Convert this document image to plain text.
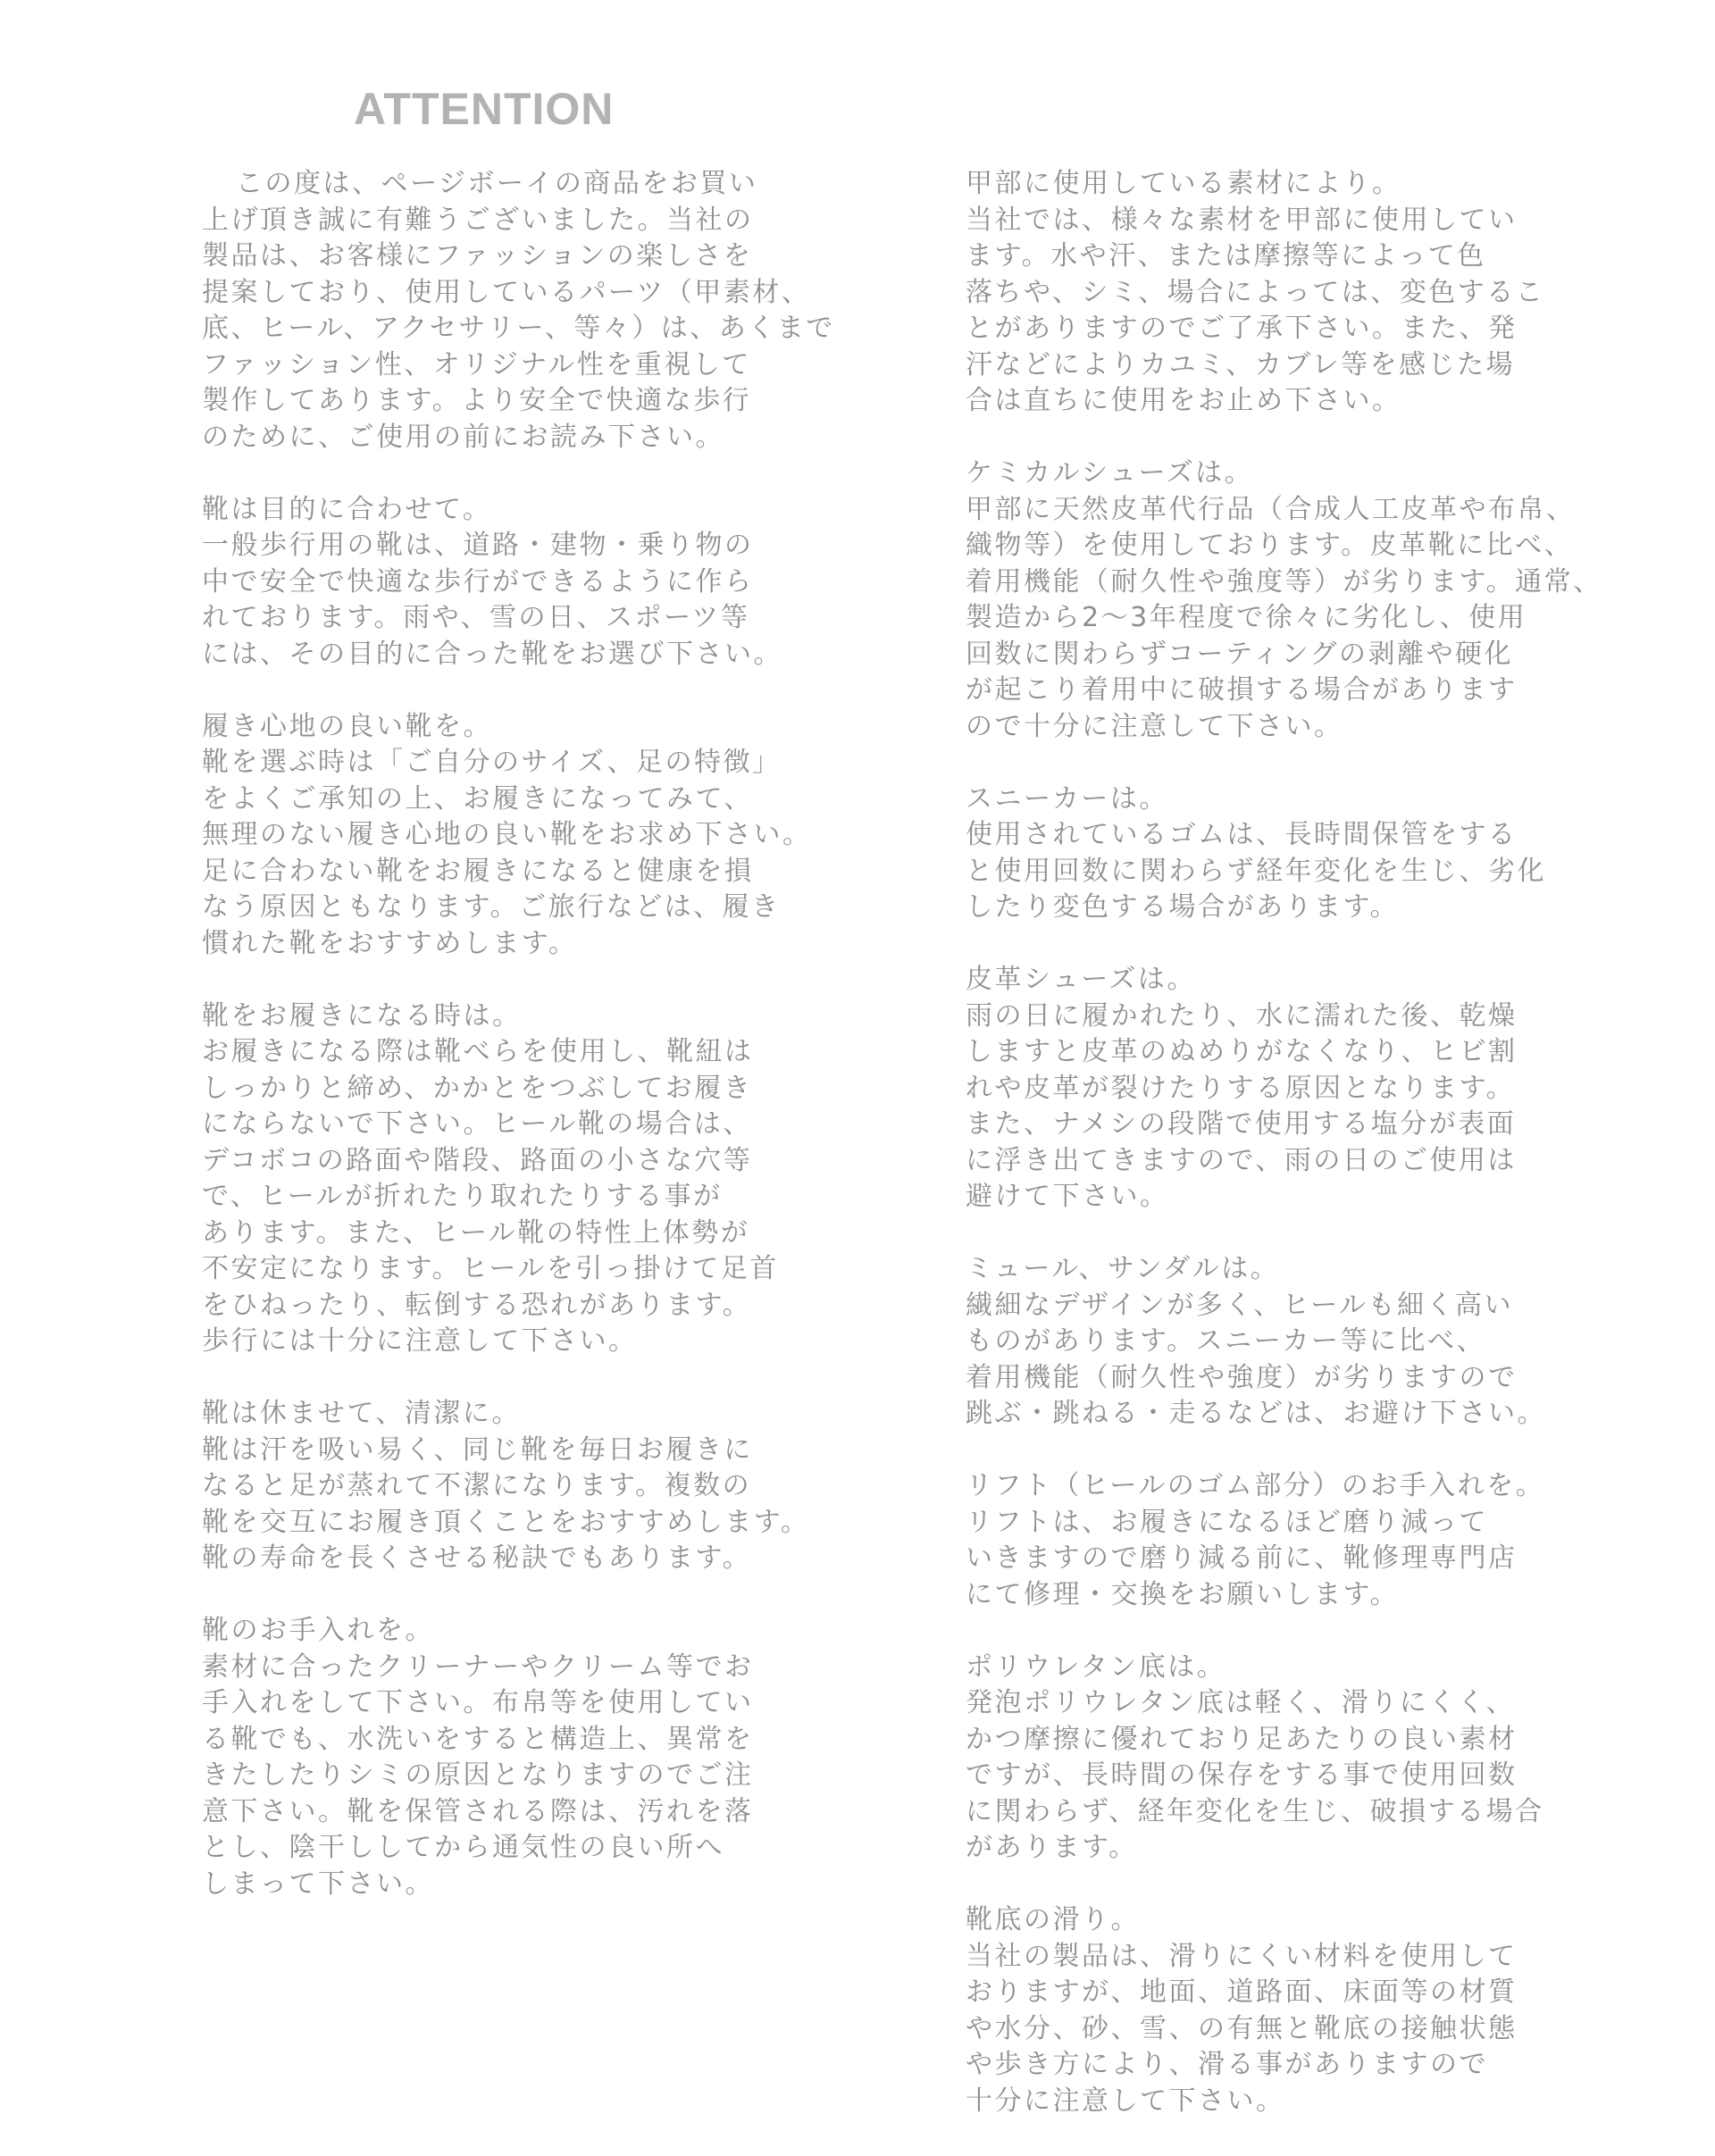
ATTENTION
この度は、ページボーイの商品をお買い
上げ頂き誠に有難うございました。当社の
製品は、お客様にファッションの楽しさを
提案しており、使用しているパーツ（甲素材、
底、ヒール、アクセサリー、等々）は、あくまで
ファッション性、オリジナル性を重視して
製作してあります。より安全で快適な歩行
のために、ご使用の前にお読み下さい。
靴は目的に合わせて。
一般歩行用の靴は、道路・建物・乗り物の
中で安全で快適な歩行ができるように作ら
れております。雨や、雪の日、スポーツ等
には、その目的に合った靴をお選び下さい。
履き心地の良い靴を。
靴を選ぶ時は「ご自分のサイズ、足の特徴」
をよくご承知の上、お履きになってみて、
無理のない履き心地の良い靴をお求め下さい。
足に合わない靴をお履きになると健康を損
なう原因ともなります。ご旅行などは、履き
慣れた靴をおすすめします。
靴をお履きになる時は。
お履きになる際は靴べらを使用し、靴紐は
しっかりと締め、かかとをつぶしてお履き
にならないで下さい。ヒール靴の場合は、
デコボコの路面や階段、路面の小さな穴等
で、ヒールが折れたり取れたりする事が
あります。また、ヒール靴の特性上体勢が
不安定になります。ヒールを引っ掛けて足首
をひねったり、転倒する恐れがあります。
歩行には十分に注意して下さい。
靴は休ませて、清潔に。
靴は汗を吸い易く、同じ靴を毎日お履きに
なると足が蒸れて不潔になります。複数の
靴を交互にお履き頂くことをおすすめします。
靴の寿命を長くさせる秘訣でもあります。
靴のお手入れを。
素材に合ったクリーナーやクリーム等でお
手入れをして下さい。布帛等を使用してい
る靴でも、水洗いをすると構造上、異常を
きたしたりシミの原因となりますのでご注
意下さい。靴を保管される際は、汚れを落
とし、陰干ししてから通気性の良い所へ
しまって下さい。
甲部に使用している素材により。
当社では、様々な素材を甲部に使用してい
ます。水や汗、または摩擦等によって色
落ちや、シミ、場合によっては、変色するこ
とがありますのでご了承下さい。また、発
汗などによりカユミ、カブレ等を感じた場
合は直ちに使用をお止め下さい。
ケミカルシューズは。
甲部に天然皮革代行品（合成人工皮革や布帛、
織物等）を使用しております。皮革靴に比べ、
着用機能（耐久性や強度等）が劣ります。通常、
製造から2〜3年程度で徐々に劣化し、使用
回数に関わらずコーティングの剥離や硬化
が起こり着用中に破損する場合があります
ので十分に注意して下さい。
スニーカーは。
使用されているゴムは、長時間保管をする
と使用回数に関わらず経年変化を生じ、劣化
したり変色する場合があります。
皮革シューズは。
雨の日に履かれたり、水に濡れた後、乾燥
しますと皮革のぬめりがなくなり、ヒビ割
れや皮革が裂けたりする原因となります。
また、ナメシの段階で使用する塩分が表面
に浮き出てきますので、雨の日のご使用は
避けて下さい。
ミュール、サンダルは。
繊細なデザインが多く、ヒールも細く高い
ものがあります。スニーカー等に比べ、
着用機能（耐久性や強度）が劣りますので
跳ぶ・跳ねる・走るなどは、お避け下さい。
リフト（ヒールのゴム部分）のお手入れを。
リフトは、お履きになるほど磨り減って
いきますので磨り減る前に、靴修理専門店
にて修理・交換をお願いします。
ポリウレタン底は。
発泡ポリウレタン底は軽く、滑りにくく、
かつ摩擦に優れており足あたりの良い素材
ですが、長時間の保存をする事で使用回数
に関わらず、経年変化を生じ、破損する場合
があります。
靴底の滑り。
当社の製品は、滑りにくい材料を使用して
おりますが、地面、道路面、床面等の材質
や水分、砂、雪、の有無と靴底の接触状態
や歩き方により、滑る事がありますので
十分に注意して下さい。
